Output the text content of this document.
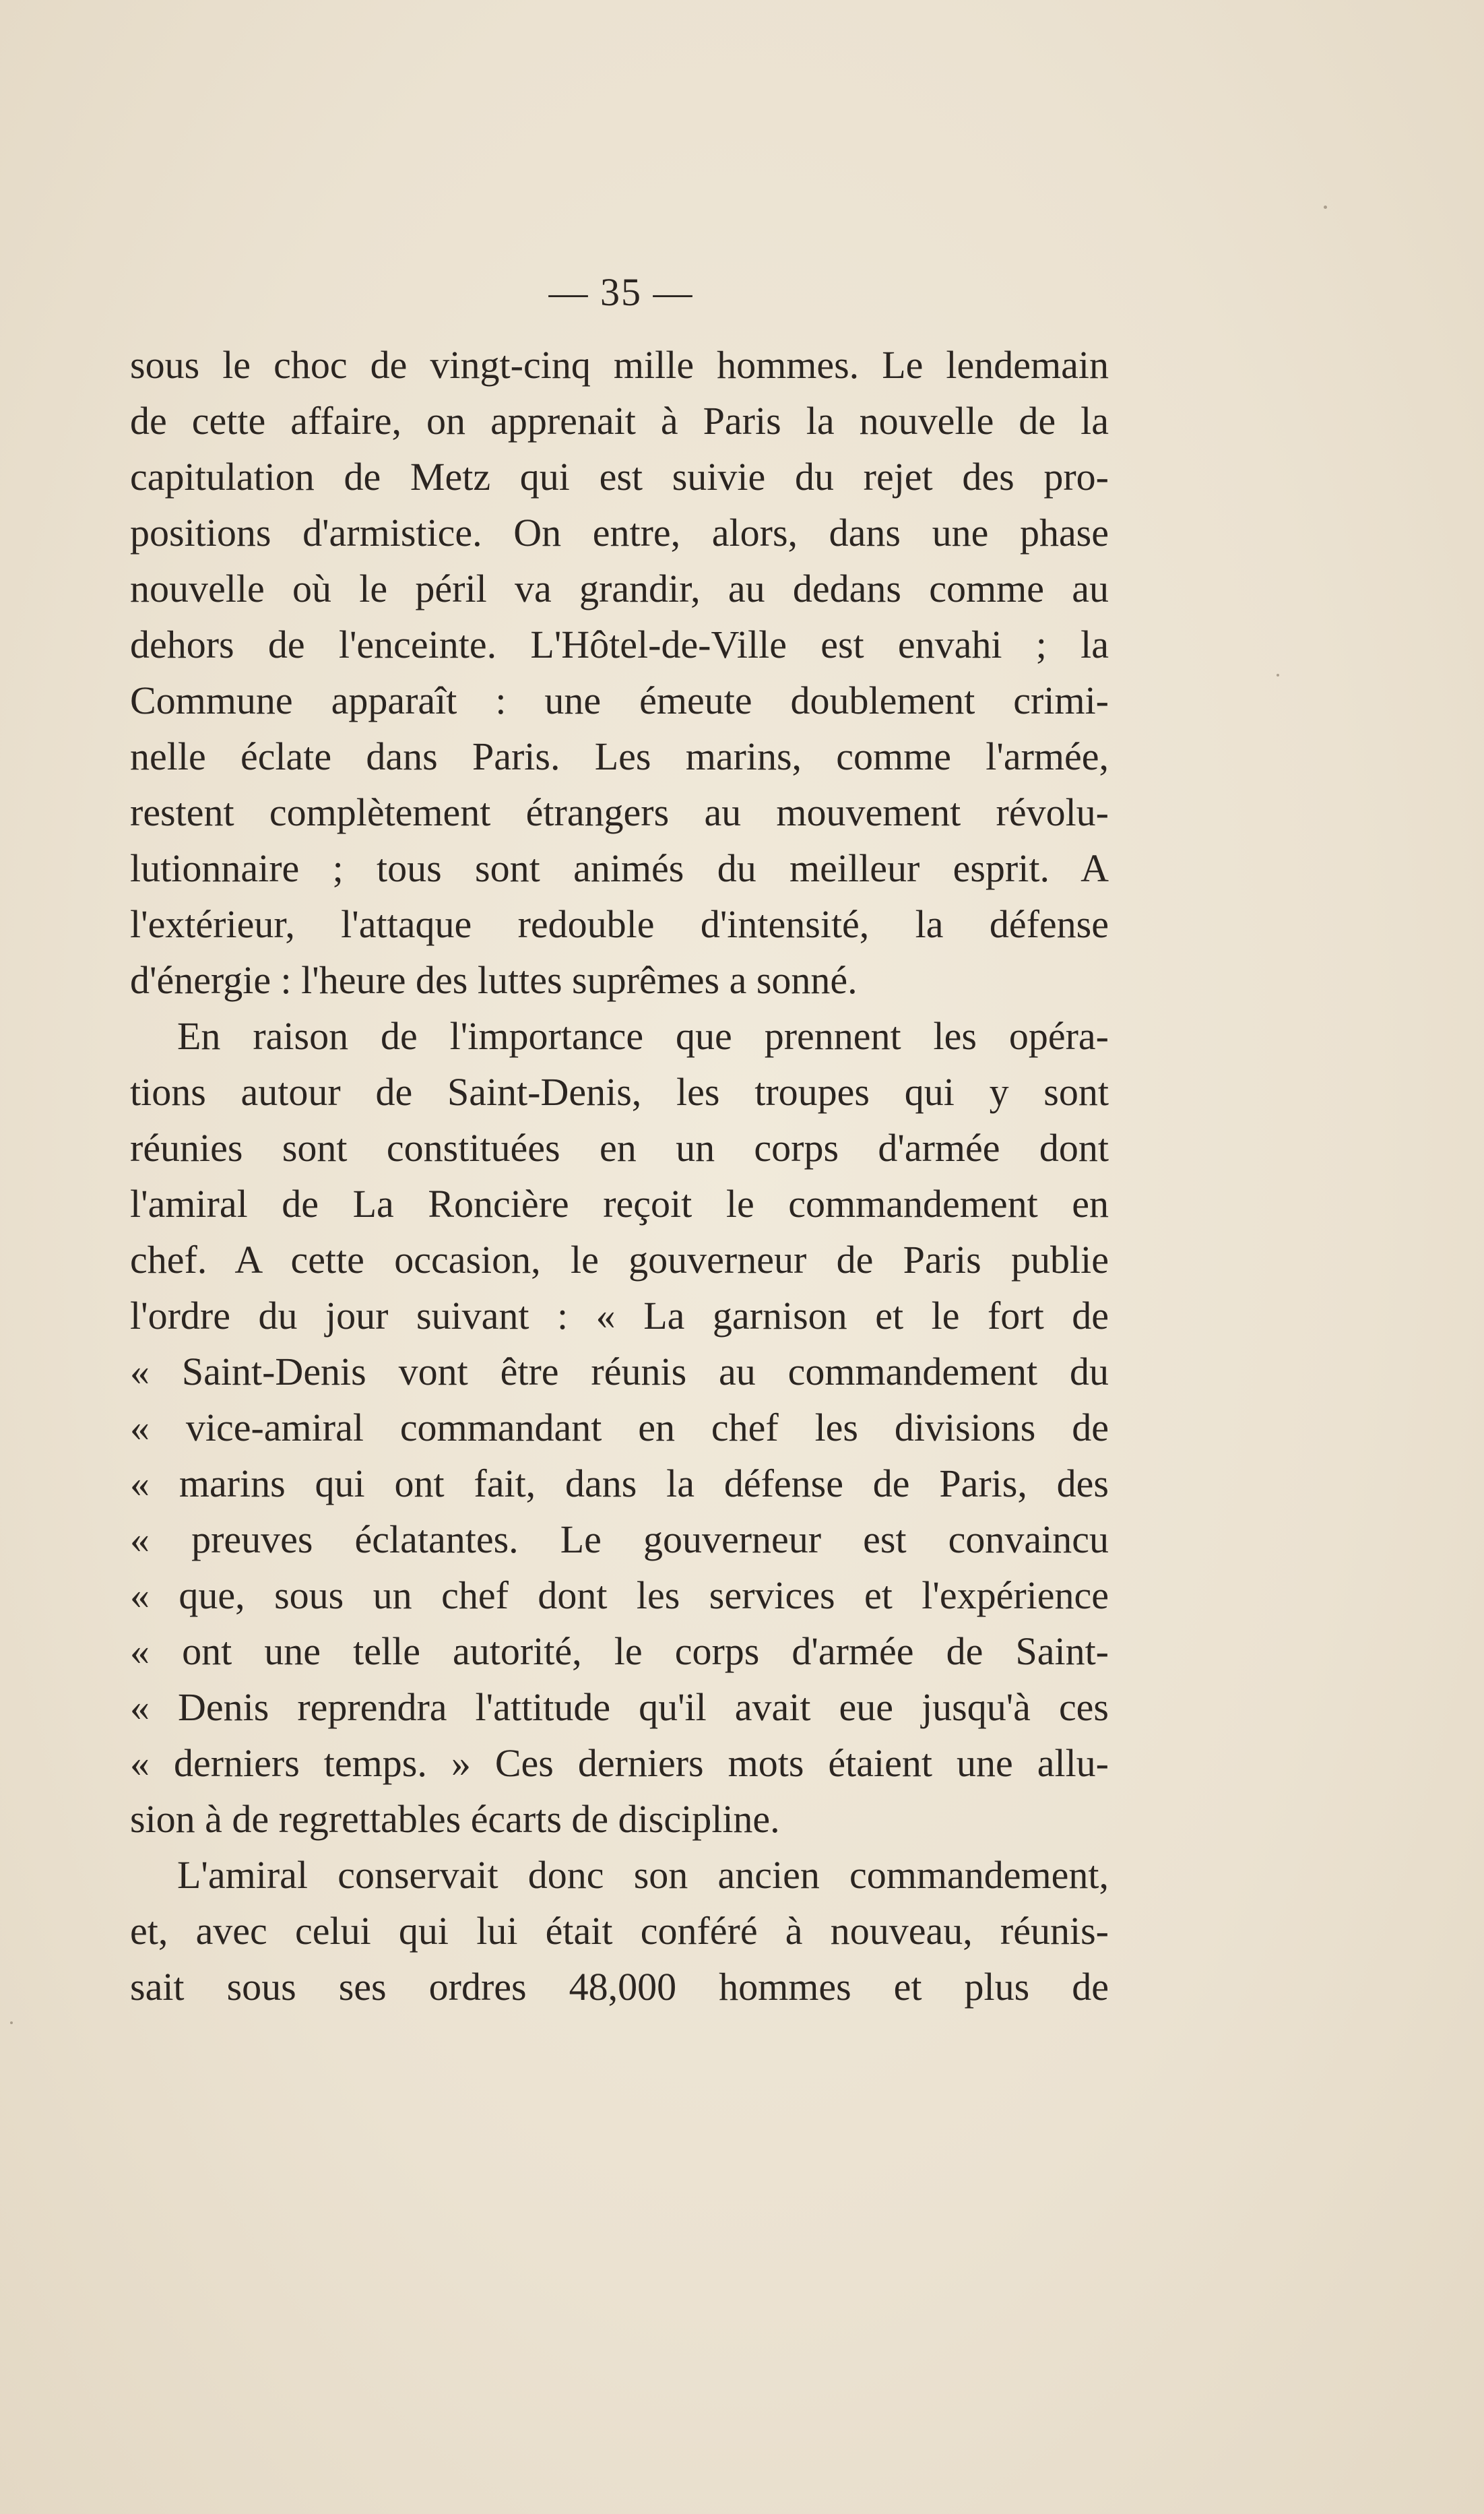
— 35 —
sous le choc de vingt-cinq mille hommes. Le lendemain
de cette affaire, on apprenait à Paris la nouvelle de la
capitulation de Metz qui est suivie du rejet des pro-
positions d'armistice. On entre, alors, dans une phase
nouvelle où le péril va grandir, au dedans comme au
dehors de l'enceinte. L'Hôtel-de-Ville est envahi ; la
Commune apparaît : une émeute doublement crimi-
nelle éclate dans Paris. Les marins, comme l'armée,
restent complètement étrangers au mouvement révolu-
lutionnaire ; tous sont animés du meilleur esprit. A
l'extérieur, l'attaque redouble d'intensité, la défense
d'énergie : l'heure des luttes suprêmes a sonné.
En raison de l'importance que prennent les opéra-
tions autour de Saint-Denis, les troupes qui y sont
réunies sont constituées en un corps d'armée dont
l'amiral de La Roncière reçoit le commandement en
chef. A cette occasion, le gouverneur de Paris publie
l'ordre du jour suivant : « La garnison et le fort de
« Saint-Denis vont être réunis au commandement du
« vice-amiral commandant en chef les divisions de
« marins qui ont fait, dans la défense de Paris, des
« preuves éclatantes. Le gouverneur est convaincu
« que, sous un chef dont les services et l'expérience
« ont une telle autorité, le corps d'armée de Saint-
« Denis reprendra l'attitude qu'il avait eue jusqu'à ces
« derniers temps. » Ces derniers mots étaient une allu-
sion à de regrettables écarts de discipline.
L'amiral conservait donc son ancien commandement,
et, avec celui qui lui était conféré à nouveau, réunis-
sait sous ses ordres 48,000 hommes et plus de
